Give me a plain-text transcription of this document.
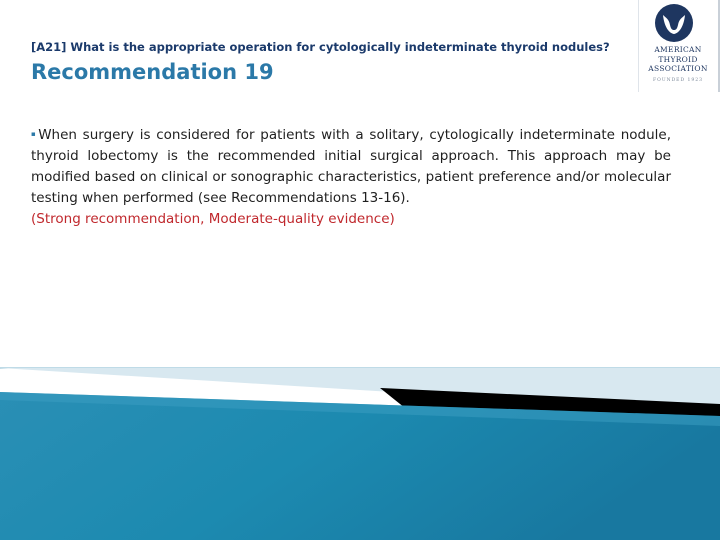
[A21] What is the appropriate operation for cytologically indeterminate thyroid nodules?
Recommendation 19
▪When surgery is considered for patients with a solitary, cytologically indeterminate nodule, thyroid lobectomy is the recommended initial surgical approach. This approach may be modified based on clinical or sonographic characteristics, patient preference and/or molecular testing when performed (see Recommendations 13-16).
(Strong recommendation, Moderate-quality evidence)
AMERICAN
THYROID
ASSOCIATION
FOUNDED 1923
